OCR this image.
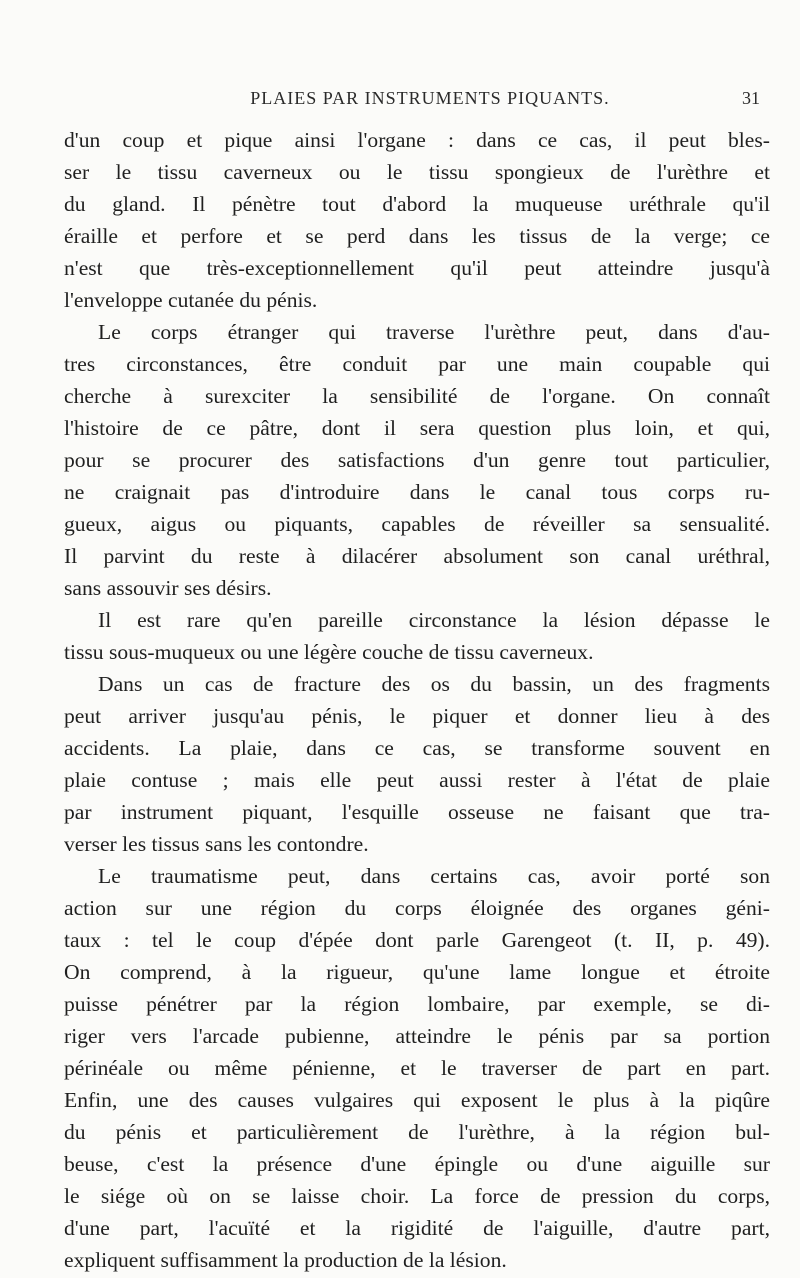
PLAIES PAR INSTRUMENTS PIQUANTS.	31
d'un coup et pique ainsi l'organe : dans ce cas, il peut bles-
ser le tissu caverneux ou le tissu spongieux de l'urèthre et
du gland. Il pénètre tout d'abord la muqueuse uréthrale qu'il
éraille et perfore et se perd dans les tissus de la verge; ce
n'est que très-exceptionnellement qu'il peut atteindre jusqu'à
l'enveloppe cutanée du pénis.
Le corps étranger qui traverse l'urèthre peut, dans d'au-
tres circonstances, être conduit par une main coupable qui
cherche à surexciter la sensibilité de l'organe. On connaît
l'histoire de ce pâtre, dont il sera question plus loin, et qui,
pour se procurer des satisfactions d'un genre tout particulier,
ne craignait pas d'introduire dans le canal tous corps ru-
gueux, aigus ou piquants, capables de réveiller sa sensualité.
Il parvint du reste à dilacérer absolument son canal uréthral,
sans assouvir ses désirs.
Il est rare qu'en pareille circonstance la lésion dépasse le
tissu sous-muqueux ou une légère couche de tissu caverneux.
Dans un cas de fracture des os du bassin, un des fragments
peut arriver jusqu'au pénis, le piquer et donner lieu à des
accidents. La plaie, dans ce cas, se transforme souvent en
plaie contuse ; mais elle peut aussi rester à l'état de plaie
par instrument piquant, l'esquille osseuse ne faisant que tra-
verser les tissus sans les contondre.
Le traumatisme peut, dans certains cas, avoir porté son
action sur une région du corps éloignée des organes géni-
taux : tel le coup d'épée dont parle Garengeot (t. II, p. 49).
On comprend, à la rigueur, qu'une lame longue et étroite
puisse pénétrer par la région lombaire, par exemple, se di-
riger vers l'arcade pubienne, atteindre le pénis par sa portion
périnéale ou même pénienne, et le traverser de part en part.
Enfin, une des causes vulgaires qui exposent le plus à la piqûre
du pénis et particulièrement de l'urèthre, à la région bul-
beuse, c'est la présence d'une épingle ou d'une aiguille sur
le siége où on se laisse choir. La force de pression du corps,
d'une part, l'acuïté et la rigidité de l'aiguille, d'autre part,
expliquent suffisamment la production de la lésion.
